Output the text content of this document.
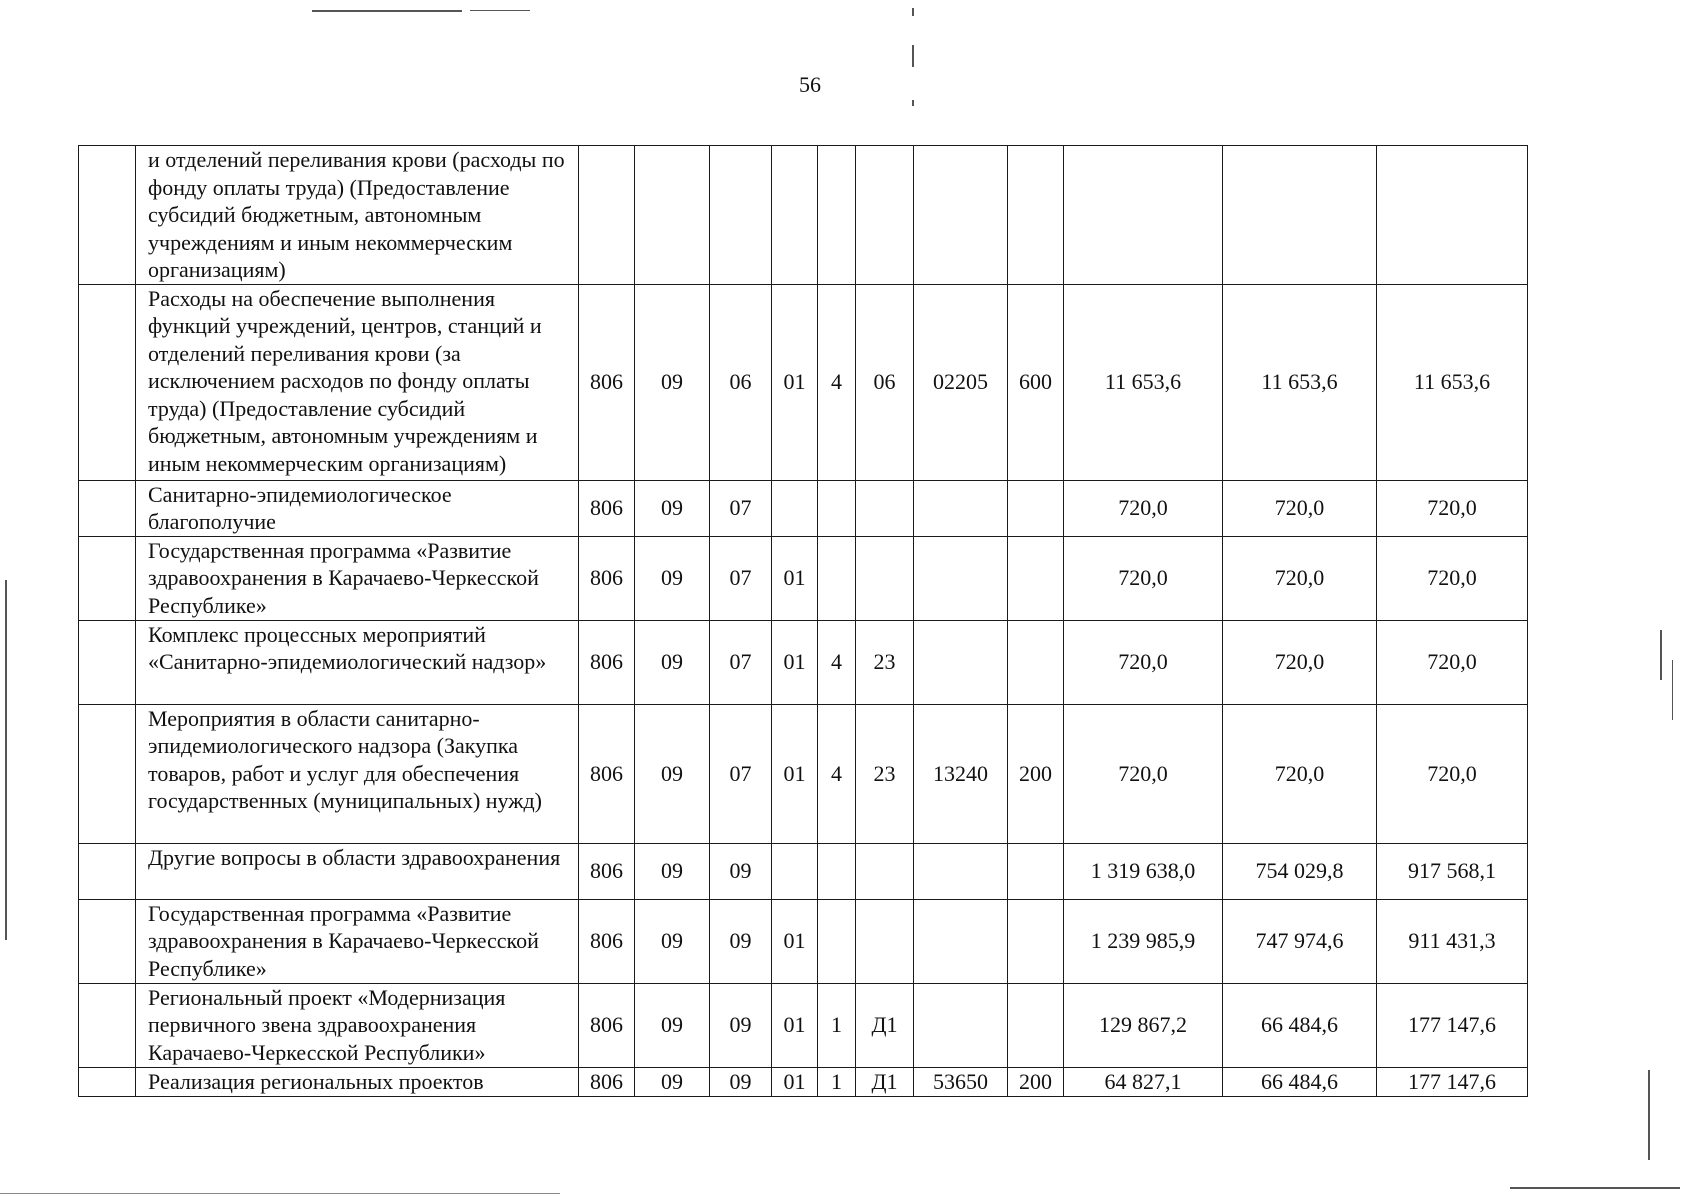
56
	и отделений переливания крови (расходы по фонду оплаты труда) (Предоставление субсидий бюджетным, автономным учреждениям и иным некоммерческим организациям)											
	Расходы на обеспечение выполнения функций учреждений, центров, станций и отделений переливания крови (за исключением расходов по фонду оплаты труда) (Предоставление субсидий бюджетным, автономным учреждениям и иным некоммерческим организациям)	806	09	06	01	4	06	02205	600	11 653,6	11 653,6	11 653,6
	Санитарно-эпидемиологическое благополучие	806	09	07						720,0	720,0	720,0
	Государственная программа «Развитие здравоохранения в Карачаево-Черкесской Республике»	806	09	07	01					720,0	720,0	720,0
	Комплекс процессных мероприятий «Санитарно-эпидемиологический надзор»	806	09	07	01	4	23			720,0	720,0	720,0
	Мероприятия в области санитарно-эпидемиологического надзора (Закупка товаров, работ и услуг для обеспечения государственных (муниципальных) нужд)	806	09	07	01	4	23	13240	200	720,0	720,0	720,0
	Другие вопросы в области здравоохранения	806	09	09						1 319 638,0	754 029,8	917 568,1
	Государственная программа «Развитие здравоохранения в Карачаево-Черкесской Республике»	806	09	09	01					1 239 985,9	747 974,6	911 431,3
	Региональный проект «Модернизация первичного звена здравоохранения Карачаево-Черкесской Республики»	806	09	09	01	1	Д1			129 867,2	66 484,6	177 147,6
	Реализация региональных проектов	806	09	09	01	1	Д1	53650	200	64 827,1	66 484,6	177 147,6
